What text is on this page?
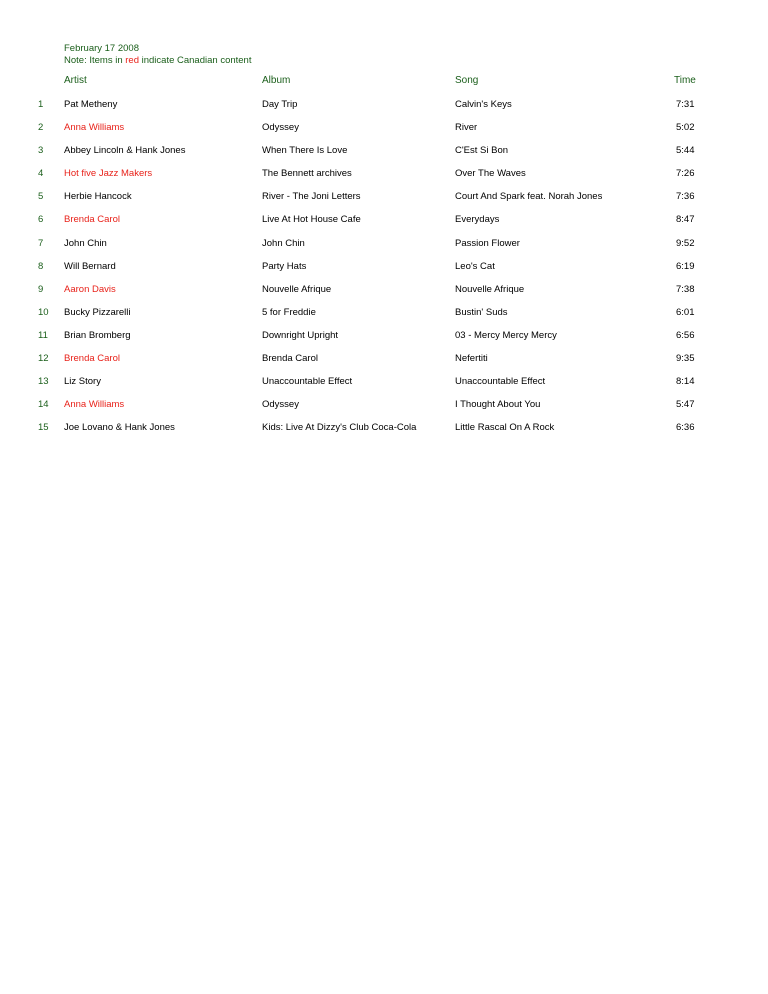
February 17 2008
Note: Items in red indicate Canadian content
Artist	Album	Song	Time
1 Pat Metheny	Day Trip	Calvin's Keys	7:31
2 Anna Williams	Odyssey	River	5:02
3 Abbey Lincoln & Hank Jones	When There Is Love	C'Est Si Bon	5:44
4 Hot five Jazz Makers	The Bennett archives	Over The Waves	7:26
5 Herbie Hancock	River - The Joni Letters	Court And Spark feat. Norah Jones	7:36
6 Brenda Carol	Live At Hot House Cafe	Everydays	8:47
7 John Chin	John Chin	Passion Flower	9:52
8 Will Bernard	Party Hats	Leo's Cat	6:19
9 Aaron Davis	Nouvelle Afrique	Nouvelle Afrique	7:38
10 Bucky Pizzarelli	5 for Freddie	Bustin' Suds	6:01
11 Brian Bromberg	Downright Upright	03 - Mercy Mercy Mercy	6:56
12 Brenda Carol	Brenda Carol	Nefertiti	9:35
13 Liz Story	Unaccountable Effect	Unaccountable Effect	8:14
14 Anna Williams	Odyssey	I Thought About You	5:47
15 Joe Lovano & Hank Jones	Kids: Live At Dizzy's Club Coca-Cola	Little Rascal On A Rock	6:36
